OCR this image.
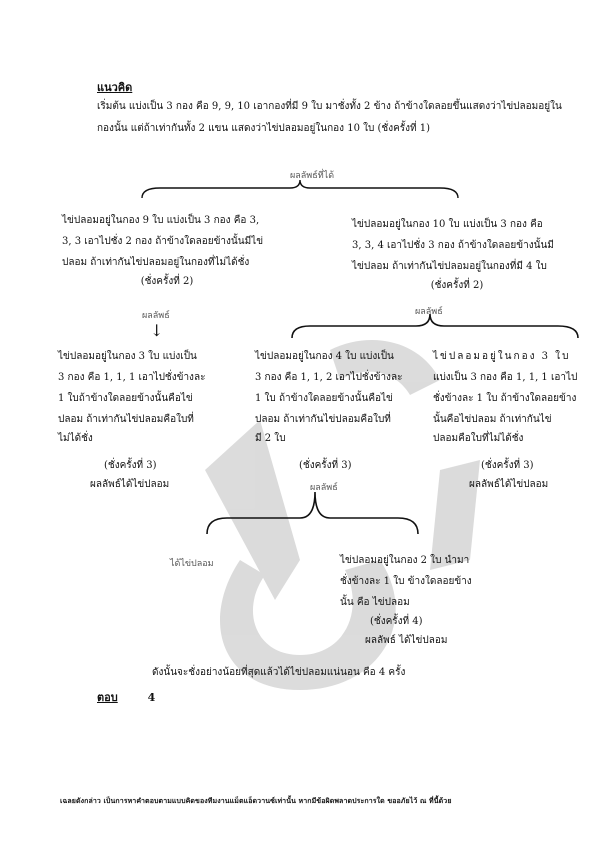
แนวคิด
เริ่มต้น แบ่งเป็น 3 กอง คือ 9, 9, 10 เอากองที่มี 9 ใบ มาชั่งทั้ง 2 ข้าง ถ้าข้างใดลอยขึ้นแสดงว่าไข่ปลอมอยู่ใน
กองนั้น แต่ถ้าเท่ากันทั้ง 2 แขน แสดงว่าไข่ปลอมอยู่ในกอง 10 ใบ (ชั่งครั้งที่ 1)
ผลลัพธ์ที่ได้
ไข่ปลอมอยู่ในกอง 9 ใบ แบ่งเป็น 3 กอง คือ 3,
3, 3 เอาไปชั่ง 2 กอง ถ้าข้างใดลอยข้างนั้นมีไข่
ปลอม ถ้าเท่ากันไข่ปลอมอยู่ในกองที่ไม่ได้ชั่ง
(ชั่งครั้งที่ 2)
ไข่ปลอมอยู่ในกอง 10 ใบ แบ่งเป็น 3 กอง คือ
3, 3, 4 เอาไปชั่ง 3 กอง ถ้าข้างใดลอยข้างนั้นมี
ไข่ปลอม ถ้าเท่ากันไข่ปลอมอยู่ในกองที่มี 4 ใบ
(ชั่งครั้งที่ 2)
ผลลัพธ์
↓
ผลลัพธ์
ไข่ปลอมอยู่ในกอง 3 ใบ แบ่งเป็น
3 กอง คือ 1, 1, 1 เอาไปชั่งข้างละ
1 ใบถ้าข้างใดลอยข้างนั้นคือไข่
ปลอม ถ้าเท่ากันไข่ปลอมคือใบที่
ไม่ได้ชั่ง
(ชั่งครั้งที่ 3)
ผลลัพธ์ได้ไข่ปลอม
ไข่ปลอมอยู่ในกอง 4 ใบ แบ่งเป็น
3 กอง คือ 1, 1, 2 เอาไปชั่งข้างละ
1 ใบ ถ้าข้างใดลอยข้างนั้นคือไข่
ปลอม ถ้าเท่ากันไข่ปลอมคือใบที่
มี 2 ใบ
(ชั่งครั้งที่ 3)
ไข่ปลอมอยู่ในกอง 3 ใบ
แบ่งเป็น 3 กอง คือ 1, 1, 1 เอาไป
ชั่งข้างละ 1 ใบ ถ้าข้างใดลอยข้าง
นั้นคือไข่ปลอม ถ้าเท่ากันไข่
ปลอมคือใบที่ไม่ได้ชั่ง
(ชั่งครั้งที่ 3)
ผลลัพธ์ได้ไข่ปลอม
ผลลัพธ์
ได้ไข่ปลอม	ไข่ปลอมอยู่ในกอง 2 ใบ นำมา
ชั่งข้างละ 1 ใบ ข้างใดลอยข้าง
นั้น คือ ไข่ปลอม
(ชั่งครั้งที่ 4)
ผลลัพธ์ ได้ไข่ปลอม
ดังนั้นจะชั่งอย่างน้อยที่สุดแล้วได้ไข่ปลอมแน่นอน คือ 4 ครั้ง
ตอบ	4
เฉลยดังกล่าว เป็นการหาคำตอบตามแบบคิดของทีมงานแม็ตแอ็ดวานซ์เท่านั้น หากมีข้อผิดพลาดประการใด ขออภัยไว้ ณ ที่นี้ด้วย
